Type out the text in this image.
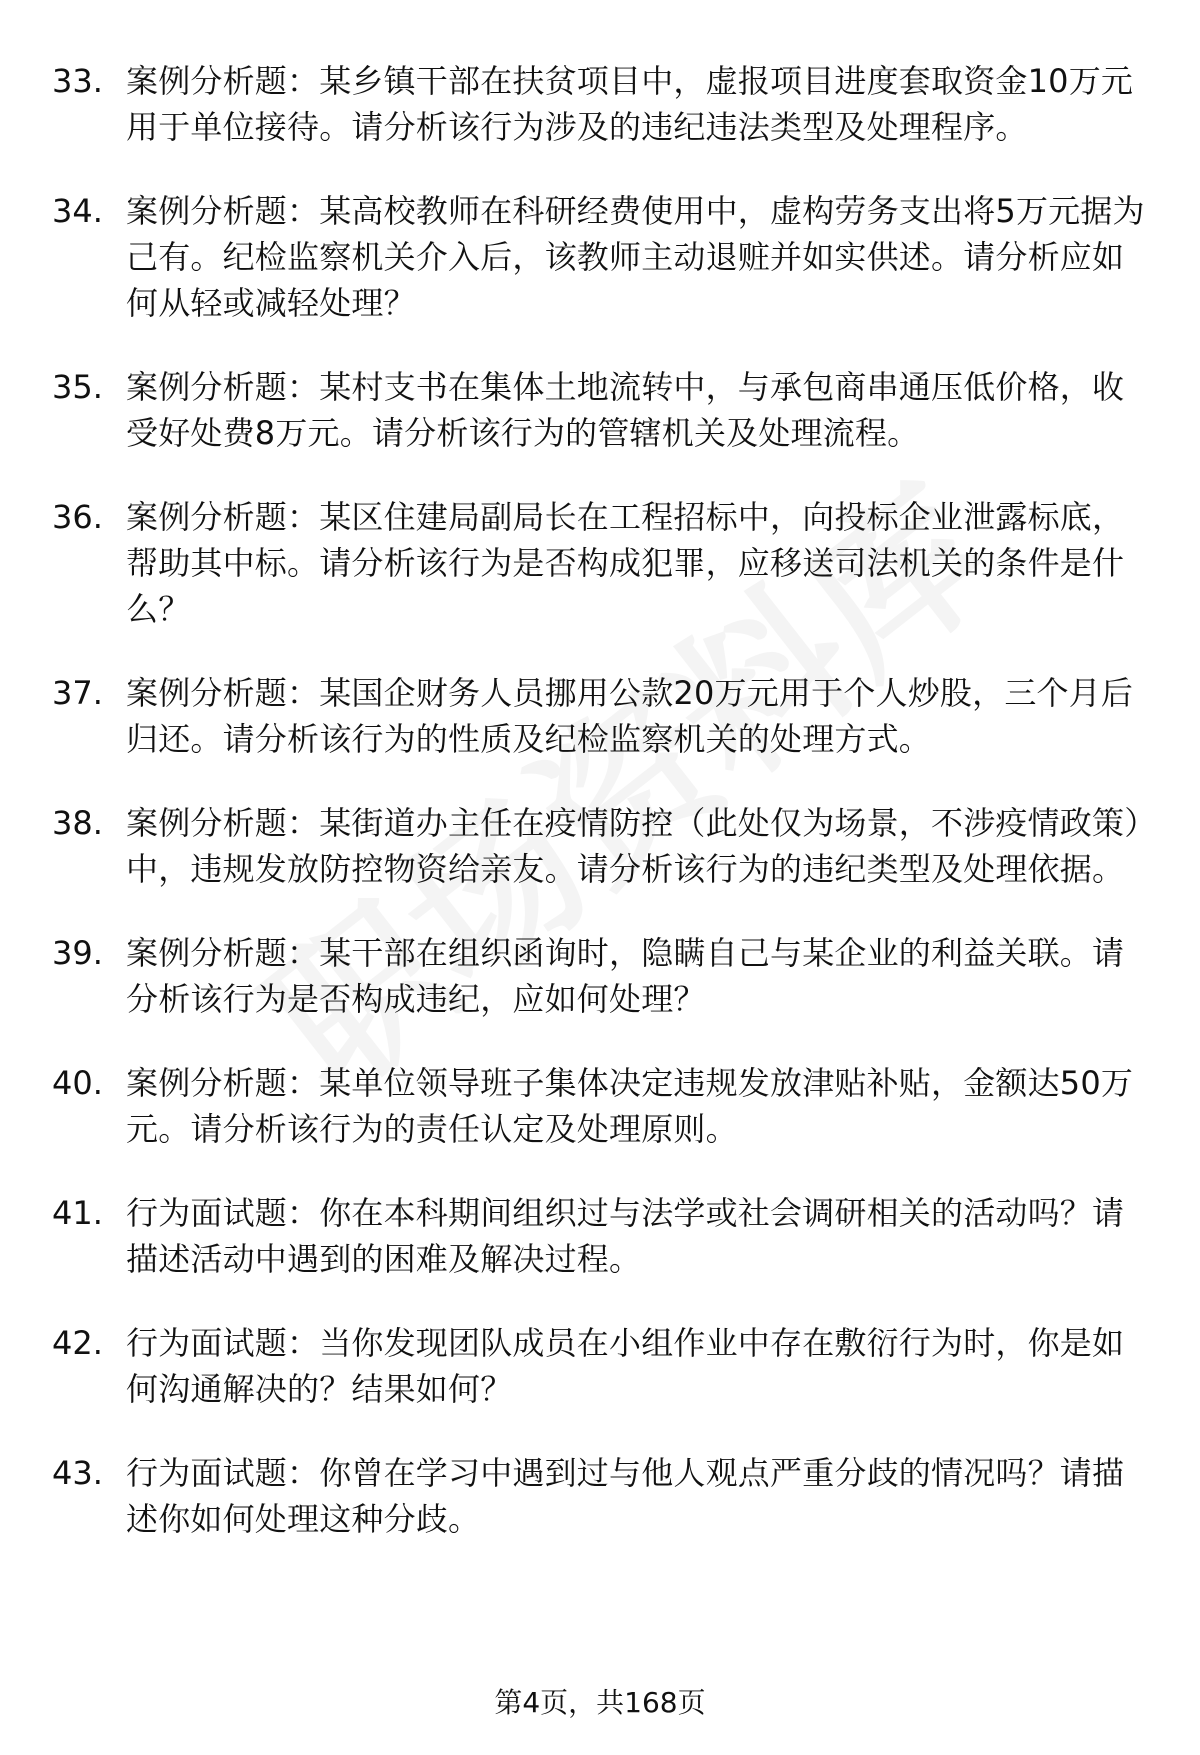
33. 案例分析题：某乡镇干部在扶贫项目中，虚报项目进度套取资金10万元用于单位接待。请分析该行为涉及的违纪违法类型及处理程序。
34. 案例分析题：某高校教师在科研经费使用中，虚构劳务支出将5万元据为己有。纪检监察机关介入后，该教师主动退赃并如实供述。请分析应如何从轻或减轻处理？
35. 案例分析题：某村支书在集体土地流转中，与承包商串通压低价格，收受好处费8万元。请分析该行为的管辖机关及处理流程。
36. 案例分析题：某区住建局副局长在工程招标中，向投标企业泄露标底，帮助其中标。请分析该行为是否构成犯罪，应移送司法机关的条件是什么？
37. 案例分析题：某国企财务人员挪用公款20万元用于个人炒股，三个月后归还。请分析该行为的性质及纪检监察机关的处理方式。
38. 案例分析题：某街道办主任在疫情防控（此处仅为场景，不涉疫情政策）中，违规发放防控物资给亲友。请分析该行为的违纪类型及处理依据。
39. 案例分析题：某干部在组织函询时，隐瞒自己与某企业的利益关联。请分析该行为是否构成违纪，应如何处理？
40. 案例分析题：某单位领导班子集体决定违规发放津贴补贴，金额达50万元。请分析该行为的责任认定及处理原则。
41. 行为面试题：你在本科期间组织过与法学或社会调研相关的活动吗？请描述活动中遇到的困难及解决过程。
42. 行为面试题：当你发现团队成员在小组作业中存在敷衍行为时，你是如何沟通解决的？结果如何？
43. 行为面试题：你曾在学习中遇到过与他人观点严重分歧的情况吗？请描述你如何处理这种分歧。
第4页，共168页
